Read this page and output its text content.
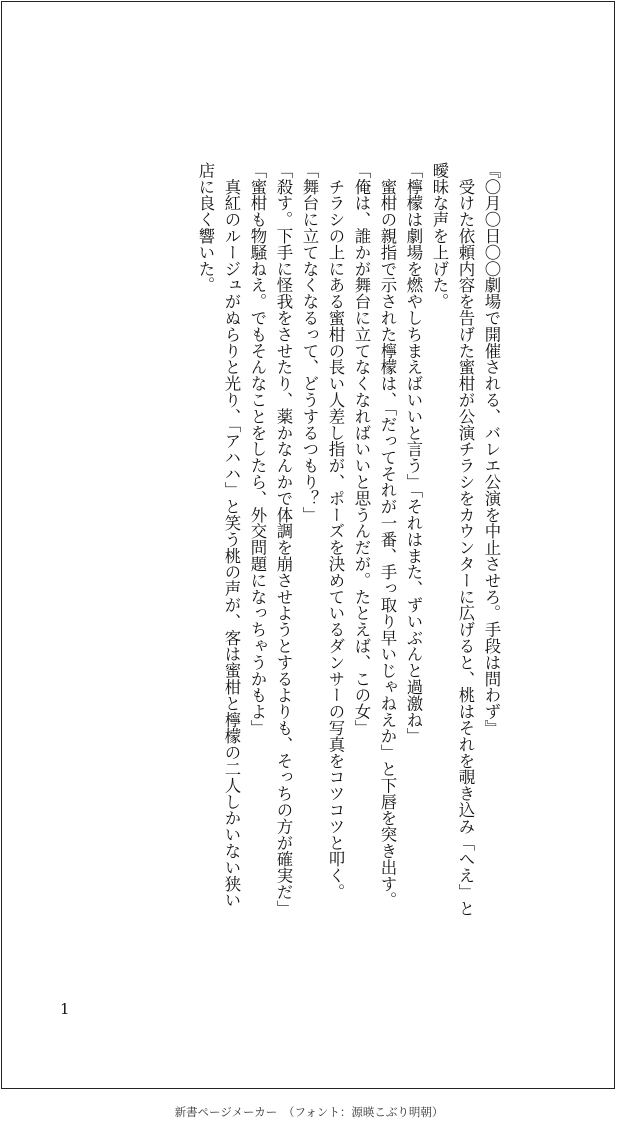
『〇月〇日〇〇劇場で開催される、バレエ公演を中止させろ。手段は問わず』

　受けた依頼内容を告げた蜜柑が公演チラシをカウンターに広げると、桃はそれを覗き込み「へえ」と曖昧な声を上げた。

「檸檬は劇場を燃やしちまえばいいと言う」「それはまた、ずいぶんと過激ね」

　蜜柑の親指で示された檸檬は、「だってそれが一番、手っ取り早いじゃねえか」と下唇を突き出す。

「俺は、誰かが舞台に立てなくなればいいと思うんだが。たとえば、この女」

　チラシの上にある蜜柑の長い人差し指が、ポーズを決めているダンサーの写真をコツコツと叩く。

「舞台に立てなくなるって、どうするつもり？」

「殺す。下手に怪我をさせたり、薬かなんかで体調を崩させようとするよりも、そっちの方が確実だ」

「蜜柑も物騒ねえ。でもそんなことをしたら、外交問題になっちゃうかもよ」

　真紅のルージュがぬらりと光り、「アハハ」と笑う桃の声が、客は蜜柑と檸檬の二人しかいない狭い店に良く響いた。

1
新書ページメーカー　（フォント：源暎こぶり明朝）
